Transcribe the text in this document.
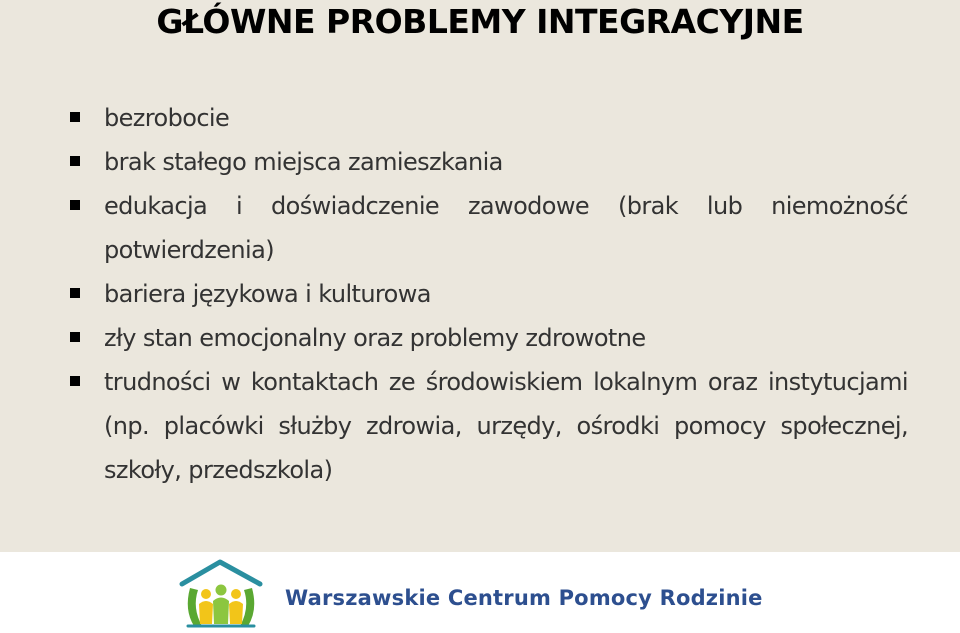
GŁÓWNE PROBLEMY INTEGRACYJNE
bezrobocie
brak stałego miejsca zamieszkania
edukacja i doświadczenie zawodowe (brak lub niemożność potwierdzenia)
bariera językowa i kulturowa
zły stan emocjonalny oraz problemy zdrowotne
trudności w kontaktach ze środowiskiem lokalnym oraz instytucjami (np. placówki służby zdrowia, urzędy, ośrodki pomocy społecznej, szkoły, przedszkola)
Warszawskie Centrum Pomocy Rodzinie
